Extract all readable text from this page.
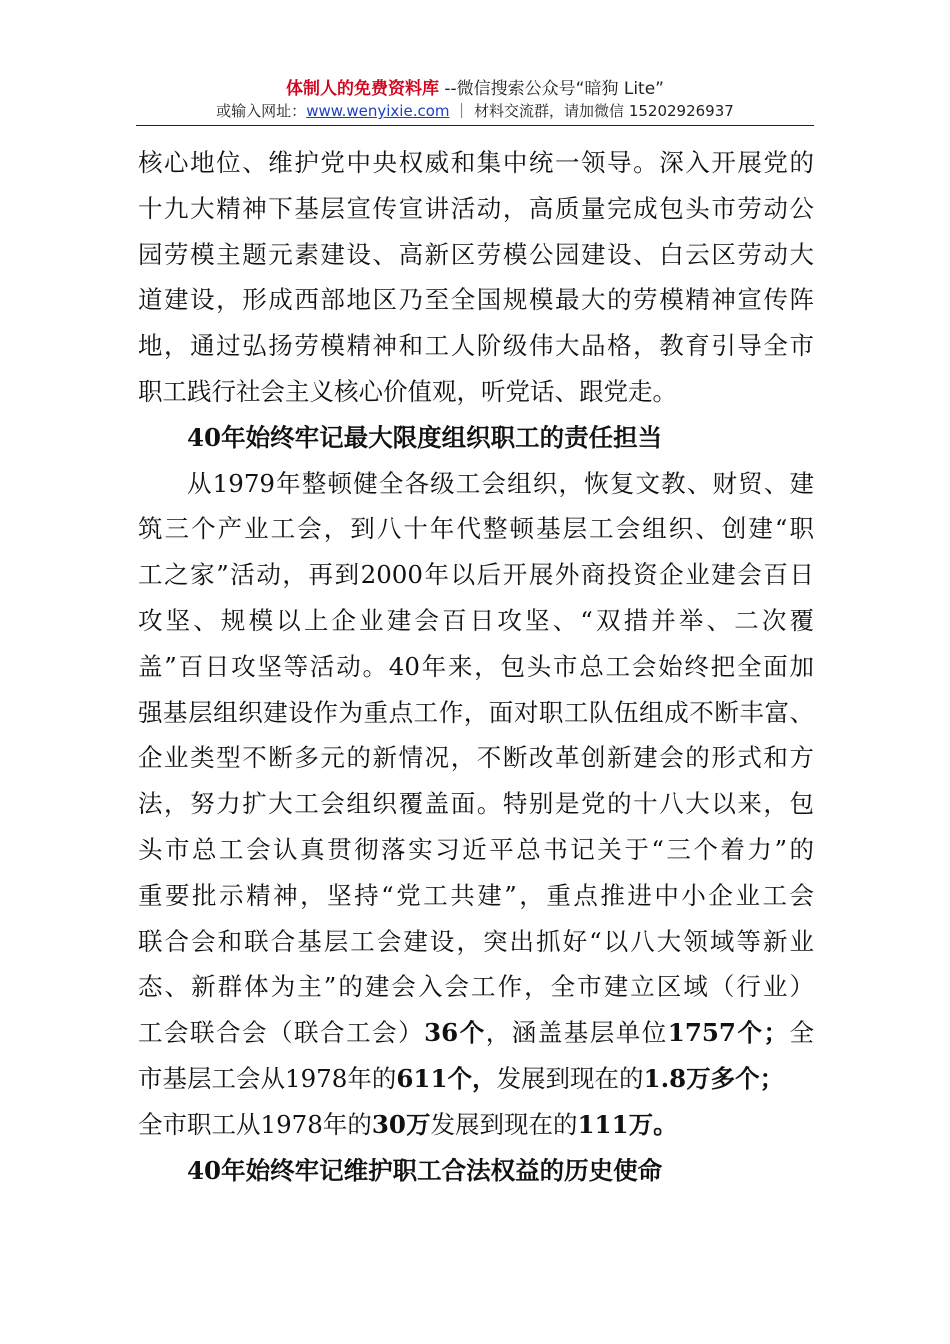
体制人的免费资料库 --微信搜索公众号“暗狗 Lite”
或输入网址：www.wenyixie.com ｜ 材料交流群，请加微信 15202926937
核心地位、维护党中央权威和集中统一领导。深入开展党的
十九大精神下基层宣传宣讲活动，高质量完成包头市劳动公
园劳模主题元素建设、高新区劳模公园建设、白云区劳动大
道建设，形成西部地区乃至全国规模最大的劳模精神宣传阵
地，通过弘扬劳模精神和工人阶级伟大品格，教育引导全市
职工践行社会主义核心价值观，听党话、跟党走。
40年始终牢记最大限度组织职工的责任担当
从1979年整顿健全各级工会组织，恢复文教、财贸、建
筑三个产业工会，到八十年代整顿基层工会组织、创建“职
工之家”活动，再到2000年以后开展外商投资企业建会百日
攻坚、规模以上企业建会百日攻坚、“双措并举、二次覆
盖”百日攻坚等活动。40年来，包头市总工会始终把全面加
强基层组织建设作为重点工作，面对职工队伍组成不断丰富、
企业类型不断多元的新情况，不断改革创新建会的形式和方
法，努力扩大工会组织覆盖面。特别是党的十八大以来，包
头市总工会认真贯彻落实习近平总书记关于“三个着力”的
重要批示精神，坚持“党工共建”，重点推进中小企业工会
联合会和联合基层工会建设，突出抓好“以八大领域等新业
态、新群体为主”的建会入会工作，全市建立区域（行业）
工会联合会（联合工会）36个，涵盖基层单位1757个；全
市基层工会从1978年的611个，发展到现在的1.8万多个；
全市职工从1978年的30万发展到现在的111万。
40年始终牢记维护职工合法权益的历史使命
